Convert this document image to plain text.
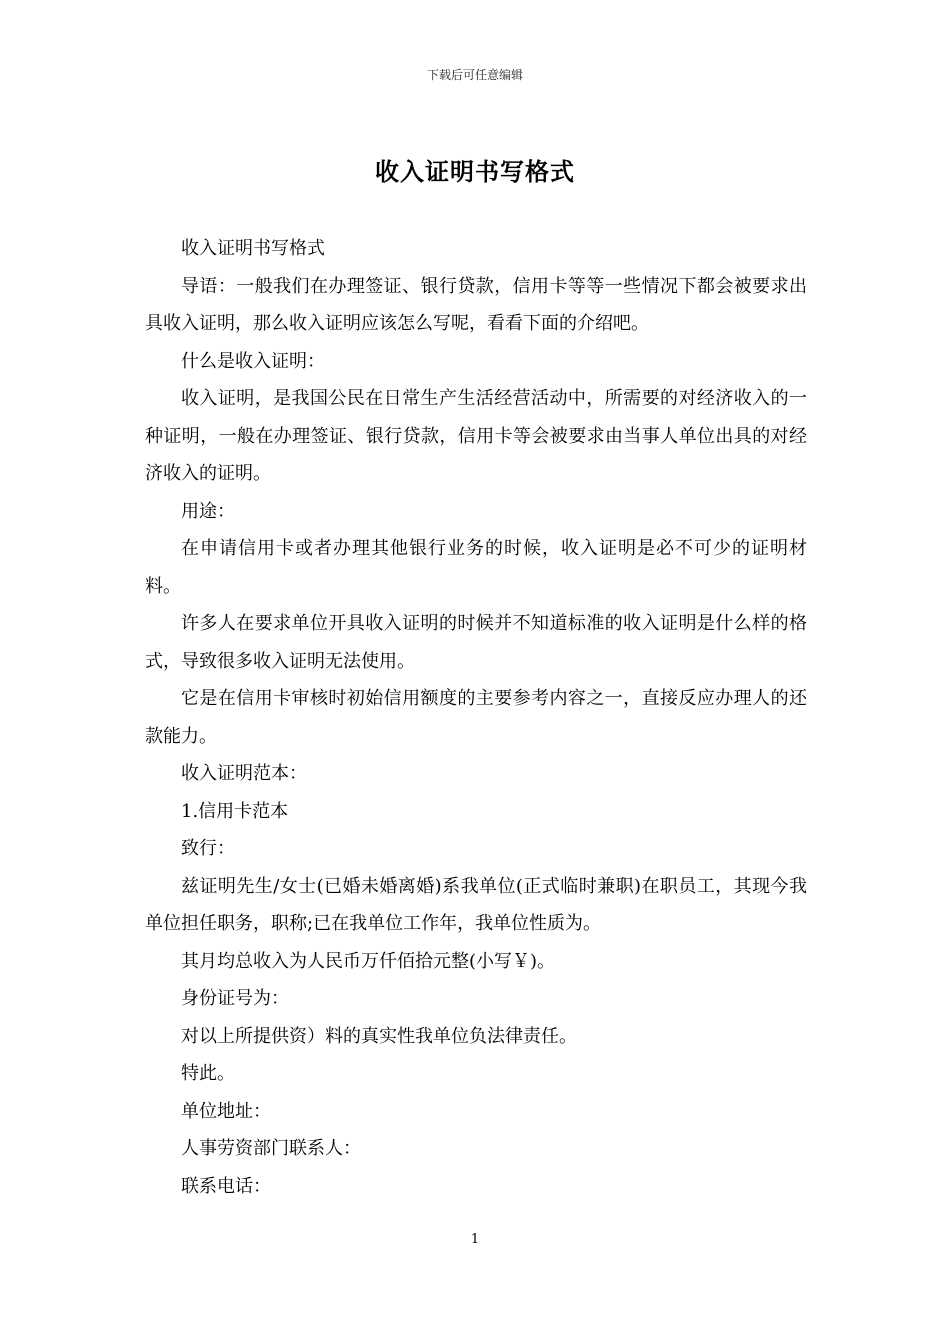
下载后可任意编辑
收入证明书写格式

收入证明书写格式

导语：一般我们在办理签证、银行贷款，信用卡等等一些情况下都会被要求出具收入证明，那么收入证明应该怎么写呢，看看下面的介绍吧。

什么是收入证明：

收入证明，是我国公民在日常生产生活经营活动中，所需要的对经济收入的一种证明，一般在办理签证、银行贷款，信用卡等会被要求由当事人单位出具的对经济收入的证明。

用途：

在申请信用卡或者办理其他银行业务的时候，收入证明是必不可少的证明材料。

许多人在要求单位开具收入证明的时候并不知道标准的收入证明是什么样的格式，导致很多收入证明无法使用。

它是在信用卡审核时初始信用额度的主要参考内容之一，直接反应办理人的还款能力。

收入证明范本：

1.信用卡范本

致行：

兹证明先生/女士(已婚未婚离婚)系我单位(正式临时兼职)在职员工，其现今我单位担任职务，职称;已在我单位工作年，我单位性质为。

其月均总收入为人民币万仟佰拾元整(小写￥)。

身份证号为：

对以上所提供资）料的真实性我单位负法律责任。

特此。

单位地址：

人事劳资部门联系人：

联系电话：

1
